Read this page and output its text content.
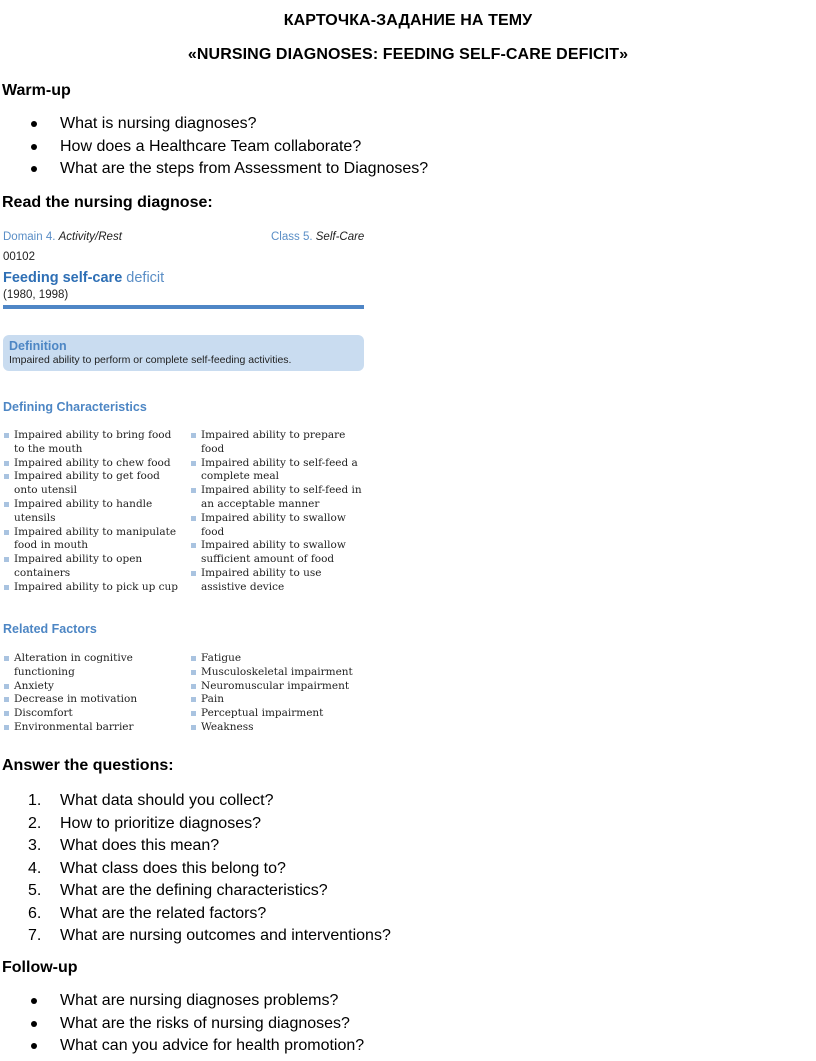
КАРТОЧКА-ЗАДАНИЕ НА ТЕМУ
«NURSING DIAGNOSES: FEEDING SELF-CARE DEFICIT»
Warm-up
What is nursing diagnoses?
How does a Healthcare Team collaborate?
What are the steps from Assessment to Diagnoses?
Read the nursing diagnose:
Domain 4. Activity/Rest	Class 5. Self-Care
00102
Feeding self-care deficit
(1980, 1998)
Definition
Impaired ability to perform or complete self-feeding activities.
Defining Characteristics
Impaired ability to bring food to the mouth
Impaired ability to chew food
Impaired ability to get food onto utensil
Impaired ability to handle utensils
Impaired ability to manipulate food in mouth
Impaired ability to open containers
Impaired ability to pick up cup
Impaired ability to prepare food
Impaired ability to self-feed a complete meal
Impaired ability to self-feed in an acceptable manner
Impaired ability to swallow food
Impaired ability to swallow sufficient amount of food
Impaired ability to use assistive device
Related Factors
Alteration in cognitive functioning
Anxiety
Decrease in motivation
Discomfort
Environmental barrier
Fatigue
Musculoskeletal impairment
Neuromuscular impairment
Pain
Perceptual impairment
Weakness
Answer the questions:
1. What data should you collect?
2. How to prioritize diagnoses?
3. What does this mean?
4. What class does this belong to?
5. What are the defining characteristics?
6. What are the related factors?
7. What are nursing outcomes and interventions?
Follow-up
What are nursing diagnoses problems?
What are the risks of nursing diagnoses?
What can you advice for health promotion?
